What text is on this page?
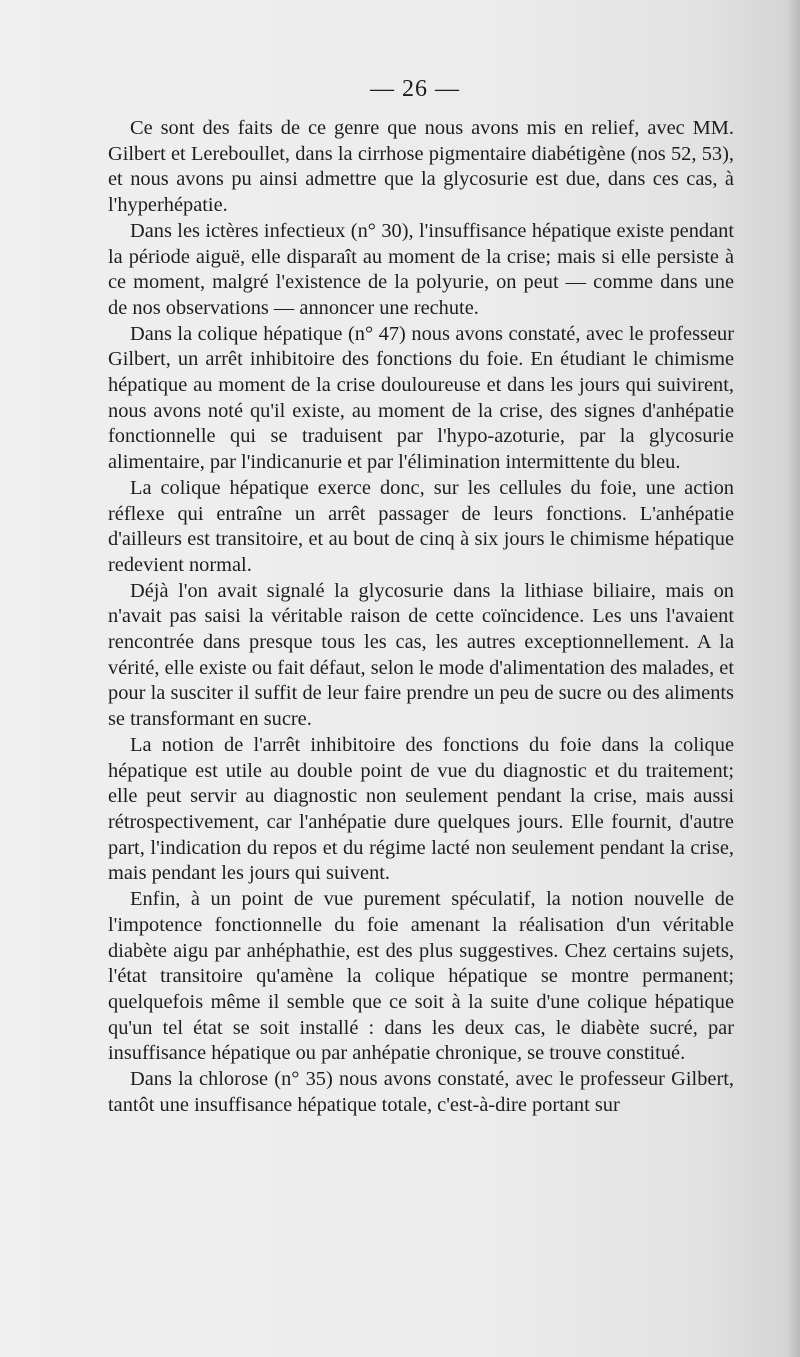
— 26 —

Ce sont des faits de ce genre que nous avons mis en relief, avec MM. Gilbert et Lereboullet, dans la cirrhose pigmentaire diabétigène (nos 52, 53), et nous avons pu ainsi admettre que la glycosurie est due, dans ces cas, à l'hyperhépatie.

Dans les ictères infectieux (n° 30), l'insuffisance hépatique existe pendant la période aiguë, elle disparaît au moment de la crise; mais si elle persiste à ce moment, malgré l'existence de la polyurie, on peut — comme dans une de nos observations — annoncer une rechute.

Dans la colique hépatique (n° 47) nous avons constaté, avec le professeur Gilbert, un arrêt inhibitoire des fonctions du foie. En étudiant le chimisme hépatique au moment de la crise douloureuse et dans les jours qui suivirent, nous avons noté qu'il existe, au moment de la crise, des signes d'anhépatie fonctionnelle qui se traduisent par l'hypo-azoturie, par la glycosurie alimentaire, par l'indicanurie et par l'élimination intermittente du bleu.

La colique hépatique exerce donc, sur les cellules du foie, une action réflexe qui entraîne un arrêt passager de leurs fonctions. L'anhépatie d'ailleurs est transitoire, et au bout de cinq à six jours le chimisme hépatique redevient normal.

Déjà l'on avait signalé la glycosurie dans la lithiase biliaire, mais on n'avait pas saisi la véritable raison de cette coïncidence. Les uns l'avaient rencontrée dans presque tous les cas, les autres exceptionnellement. A la vérité, elle existe ou fait défaut, selon le mode d'alimentation des malades, et pour la susciter il suffit de leur faire prendre un peu de sucre ou des aliments se transformant en sucre.

La notion de l'arrêt inhibitoire des fonctions du foie dans la colique hépatique est utile au double point de vue du diagnostic et du traitement; elle peut servir au diagnostic non seulement pendant la crise, mais aussi rétrospectivement, car l'anhépatie dure quelques jours. Elle fournit, d'autre part, l'indication du repos et du régime lacté non seulement pendant la crise, mais pendant les jours qui suivent.

Enfin, à un point de vue purement spéculatif, la notion nouvelle de l'impotence fonctionnelle du foie amenant la réalisation d'un véritable diabète aigu par anhéphathie, est des plus suggestives. Chez certains sujets, l'état transitoire qu'amène la colique hépatique se montre permanent; quelquefois même il semble que ce soit à la suite d'une colique hépatique qu'un tel état se soit installé : dans les deux cas, le diabète sucré, par insuffisance hépatique ou par anhépatie chronique, se trouve constitué.

Dans la chlorose (n° 35) nous avons constaté, avec le professeur Gilbert, tantôt une insuffisance hépatique totale, c'est-à-dire portant sur
